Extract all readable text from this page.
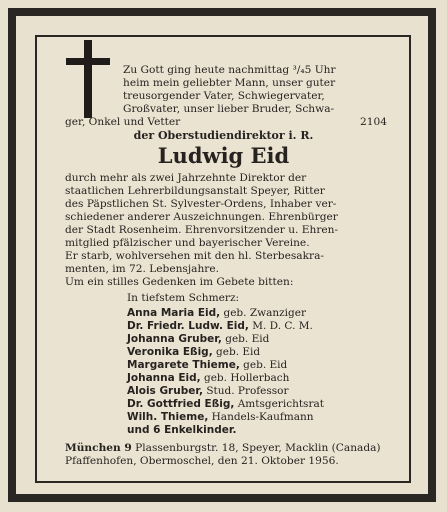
Zu Gott ging heute nachmittag ³/₄5 Uhr
heim mein geliebter Mann, unser guter
treusorgender Vater, Schwiegervater,
Großvater, unser lieber Bruder, Schwa-
ger, Onkel und Vetter	2104
der Oberstudiendirektor i. R.
Ludwig Eid
durch mehr als zwei Jahrzehnte Direktor der
staatlichen Lehrerbildungsanstalt Speyer, Ritter
des Päpstlichen St. Sylvester-Ordens, Inhaber ver-
schiedener anderer Auszeichnungen. Ehrenbürger
der Stadt Rosenheim. Ehrenvorsitzender u. Ehren-
mitglied pfälzischer und bayerischer Vereine.
Er starb, wohlversehen mit den hl. Sterbesakra-
menten, im 72. Lebensjahre.
Um ein stilles Gedenken im Gebete bitten:
In tiefstem Schmerz:
Anna Maria Eid, geb. Zwanziger
Dr. Friedr. Ludw. Eid, M. D. C. M.
Johanna Gruber, geb. Eid
Veronika Eßig, geb. Eid
Margarete Thieme, geb. Eid
Johanna Eid, geb. Hollerbach
Alois Gruber, Stud. Professor
Dr. Gottfried Eßig, Amtsgerichtsrat
Wilh. Thieme, Handels-Kaufmann
und 6 Enkelkinder.
München 9 Plassenburgstr. 18, Speyer, Macklin (Canada)
Pfaffenhofen, Obermoschel, den 21. Oktober 1956.
